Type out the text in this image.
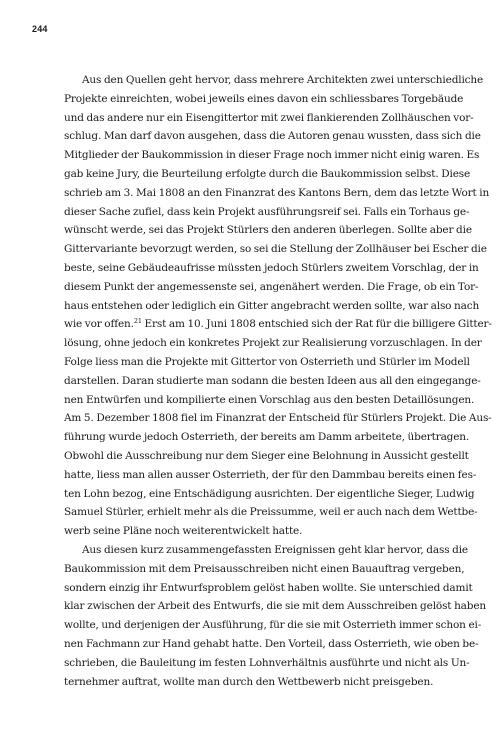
244
Aus den Quellen geht hervor, dass mehrere Architekten zwei unterschiedliche
Projekte einreichten, wobei jeweils eines davon ein schliessbares Torgebäude
und das andere nur ein Eisengittertor mit zwei flankierenden Zollhäuschen vor-
schlug. Man darf davon ausgehen, dass die Autoren genau wussten, dass sich die
Mitglieder der Baukommission in dieser Frage noch immer nicht einig waren. Es
gab keine Jury, die Beurteilung erfolgte durch die Baukommission selbst. Diese
schrieb am 3. Mai 1808 an den Finanzrat des Kantons Bern, dem das letzte Wort in
dieser Sache zufiel, dass kein Projekt ausführungsreif sei. Falls ein Torhaus ge-
wünscht werde, sei das Projekt Stürlers den anderen überlegen. Sollte aber die
Gittervariante bevorzugt werden, so sei die Stellung der Zollhäuser bei Escher die
beste, seine Gebäudeaufrisse müssten jedoch Stürlers zweitem Vorschlag, der in
diesem Punkt der angemessenste sei, angenähert werden. Die Frage, ob ein Tor-
haus entstehen oder lediglich ein Gitter angebracht werden sollte, war also nach
wie vor offen.$^{21}$ Erst am 10. Juni 1808 entschied sich der Rat für die billigere Gitter-
lösung, ohne jedoch ein konkretes Projekt zur Realisierung vorzuschlagen. In der
Folge liess man die Projekte mit Gittertor von Osterrieth und Stürler im Modell
darstellen. Daran studierte man sodann die besten Ideen aus all den eingegange-
nen Entwürfen und kompilierte einen Vorschlag aus den besten Detaillösungen.
Am 5. Dezember 1808 fiel im Finanzrat der Entscheid für Stürlers Projekt. Die Aus-
führung wurde jedoch Osterrieth, der bereits am Damm arbeitete, übertragen.
Obwohl die Ausschreibung nur dem Sieger eine Belohnung in Aussicht gestellt
hatte, liess man allen ausser Osterrieth, der für den Dammbau bereits einen fes-
ten Lohn bezog, eine Entschädigung ausrichten. Der eigentliche Sieger, Ludwig
Samuel Stürler, erhielt mehr als die Preissumme, weil er auch nach dem Wettbe-
werb seine Pläne noch weiterentwickelt hatte.
Aus diesen kurz zusammengefassten Ereignissen geht klar hervor, dass die
Baukommission mit dem Preisausschreiben nicht einen Bauauftrag vergeben,
sondern einzig ihr Entwurfsproblem gelöst haben wollte. Sie unterschied damit
klar zwischen der Arbeit des Entwurfs, die sie mit dem Ausschreiben gelöst haben
wollte, und derjenigen der Ausführung, für die sie mit Osterrieth immer schon ei-
nen Fachmann zur Hand gehabt hatte. Den Vorteil, dass Osterrieth, wie oben be-
schrieben, die Bauleitung im festen Lohnverhältnis ausführte und nicht als Un-
ternehmer auftrat, wollte man durch den Wettbewerb nicht preisgeben.
